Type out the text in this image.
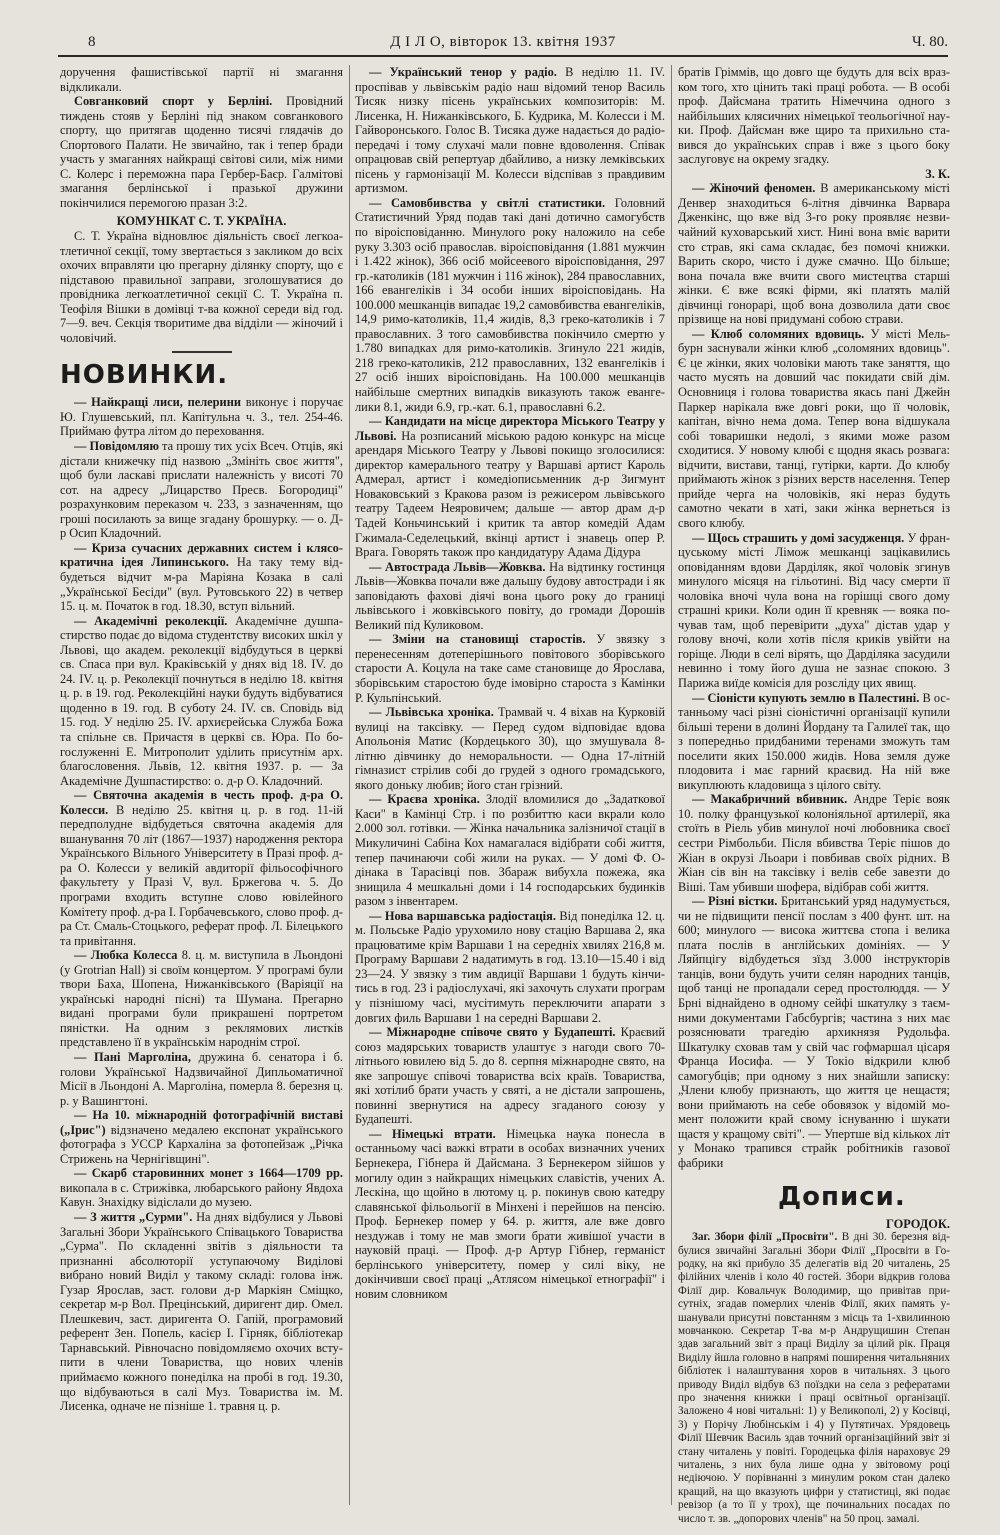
8	Д І Л О, вівторок 13. квітня 1937	Ч. 80.

доручення фашистівської партії ні змагання відкликали.

Совганковий спорт у Берліні. Провідний тиждень стояв у Берліні під знаком совганкового спорту, що притягав щоденно тисячі глядачів до Спортового Палати. Не звичайно, так і тепер бради участь у змаганнях найкращі світові сили, між ними С. Колерс і переможна пара Гербер-Баєр. Галмітові змагання берлінської і празької дружини покінчилися перемогою празан 3:2.

КОМУНІКАТ С. Т. УКРАЇНА.

С. Т. Україна відновлює діяльність своєї легкоатлетичної секції, тому звертається з закликом до всіх охочих вправляти цю прегарну ділянку спорту, що є підставою правильної заправи, зголошуватися до провідника легкоатлетичної секції С. Т. Україна п. Теофіля Вішки в домівці т-ва кожної середи від год. 7—9. веч. Секція творитиме два відділи — жіночий і чоловічий.

НОВИНКИ.

— Найкращі лиси, пелерини виконує і поручає Ю. Глушевський, пл. Капітульна ч. 3., тел. 254-46. Приймаю футра літом до переховання.

— Повідомляю та прошу тих усіх Всеч. Отців, які дістали книжечку під назвою „Змініть своє життя", щоб були ласкаві прислати належність у висоті 70 сот. на адресу „Лицарство Пресв. Богородиці" розрахунковим переказом ч. 233, з зазначенням, що гроші посилають за вище згадану брошурку. — о. Д-р Осип Кладочний.

— Криза сучасних державних систем і клясократична ідея Липинського. На таку тему відбудеться відчит м-ра Маріяна Козака в салі „Української Бесіди" (вул. Рутовського 22) в четвер 15. ц. м. Початок в год. 18.30, вступ вільний.

— Академічні реколекції. Академічне душпастирство подає до відома студентству високих шкіл у Львові, що академ. реколекції відбудуться в церкві св. Спаса при вул. Краківській у днях від 18. IV. до 24. IV. ц. р. Реколекції почнуться в неділю 18. квітня ц. р. в 19. год. Реколекційні науки будуть відбуватися щоденно в 19. год. В суботу 24. IV. св. Сповідь від 15. год. У неділю 25. IV. архиєрейська Служба Божа та спільне св. Причастя в церкві св. Юра. По богослуженні Е. Митрополит уділить присутнім арх. благословення. Львів, 12. квітня 1937. р. — За Академічне Душпастирство: о. д-р О. Кладочний.

— Святочна академія в честь проф. д-ра О. Колесси. В неділю 25. квітня ц. р. в год. 11-ій передполудне відбудеться святочна академія для вшанування 70 літ (1867—1937) народження ректора Українського Вільного Університету в Празі проф. д-ра О. Колесси у великій авдиторії фільософічного факультету у Празі V, вул. Бржегова ч. 5. До програми входить вступне слово ювілейного Комітету проф. д-ра І. Горбачевського, слово проф. д-ра Ст. Смаль-Стоцького, реферат проф. Л. Білецького та привітання.

— Любка Колесса 8. ц. м. виступила в Льондоні (у Grotrian Hall) зі своїм концертом. У програмі були твори Баха, Шопена, Нижанківського (Варіяції на українські народні пісні) та Шумана. Прегарно видані програми були прикрашені портретом пяністки. На одним з реклямових листків представлено її в українськім народнім строї.

— Пані Марголіна, дружина б. сенатора і б. голови Української Надзвичайної Дипльоматичної Місії в Льондоні А. Марголіна, померла 8. березня ц. р. у Вашингтоні.

— На 10. міжнародній фотографічній виставі („Ірис") відзначено медалею експонат українського фотографа з УССР Кархаліна за фотопейзаж „Річка Стрижень на Чернігівщині".

— Скарб старовинних монет з 1664—1709 рр. викопала в с. Стрижівка, любарського району Явдоха Кавун. Знахідку відіслали до музею.

— З життя „Сурми". На днях відбулися у Львові Загальні Збори Українського Співацького Товариства „Сурма". По складенні звітів з діяльности та признанні абсолюторії уступаючому Виділові вибрано новий Виділ у такому складі: голова інж. Гузар Ярослав, заст. голови д-р Маркіян Сміщко, секретар м-р Вол. Прецінський, диригент дир. Омел. Плешкевич, заст. диригента О. Гапій, програмовий референт Зен. Попель, касієр І. Гірняк, бібліотекар Тарнавський. Рівночасно повідомляємо охочих вступити в члени Товариства, що нових членів приймаємо кожного понеділка на пробі в год. 19.30, що відбуваються в салі Муз. Товариства ім. М. Лисенка, одначе не пізніше 1. травня ц. р.

— Український тенор у радіо. В неділю 11. IV. проспівав у львівськім радіо наш відомий тенор Василь Тисяк низку пісень українських композиторів: М. Лисенка, Н. Нижанківського, Б. Кудрика, М. Колесси і М. Гайворонського. Голос В. Тисяка дуже надається до радіопередачі і тому слухачі мали повне вдоволення. Співак опрацював свій репертуар дбайливо, а низку лемківських пісень у гармонізації М. Колесси відспівав з правдивим артизмом.

— Самовбивства у світлі статистики. Головний Статистичний Уряд подав такі дані дотично самогубств по віроісповіданню. Минулого року наложило на себе руку 3.303 осіб православ. віроісповідання (1.881 мужчин і 1.422 жінок), 366 осіб мойсеевого віроісповідання, 297 гр.-католиків (181 мужчин і 116 жінок), 284 православних, 166 евангеліків і 34 особи інших віроісповідань. На 100.000 мешканців випадає 19,2 самовбивства евангеліків, 14,9 римо-католиків, 11,4 жидів, 8,3 греко-католиків і 7 православних. З того самовбивства покінчило смертю у 1.780 випадках для римо-католиків. Згинуло 221 жидів, 218 греко-католиків, 212 православних, 132 евангеліків і 27 осіб інших віроісповідань. На 100.000 мешканців найбільше смертних випадків виказують також евангелики 8.1, жиди 6.9, гр.-кат. 6.1, православні 6.2.

— Кандидати на місце директора Міського Театру у Львові. На розписаний міською радою конкурс на місце арендаря Міського Театру у Львові покищо зголосилися: директор камерального театру у Варшаві артист Кароль Адмерал, артист і комедіописьменник д-р Зигмунт Новаковський з Кракова разом із режисером львівського театру Тадеем Неяровичем; дальше — автор драм д-р Тадей Коньчинський і критик та автор комедій Адам Гжимала-Седелецький, вкінці артист і знавець опер Р. Врага. Говорять також про кандидатуру Адама Дідура

— Автострада Львів—Жовква. На відтинку гостинця Львів—Жовква почали вже дальшу будову автостради і як заповідають фахові діячі вона цього року до границі львівського і жовківського повіту, до громади Дорошів Великий під Куликовом.

— Зміни на становищі старостів. У звязку з перенесенням дотеперішнього повітового зборівського старости А. Коцула на таке саме становище до Ярослава, зборівським старостою буде імовірно староста з Камінки Р. Кульпінський.

— Львівська хроніка. Трамвай ч. 4 віхав на Курковій вулиці на таксівку. — Перед судом відповідає вдова Апольонія Матис (Кордецького 30), що змушувала 8-літню дівчинку до неморальности. — Одна 17-літній гімназист стрілив собі до грудей з одного громадського, якого доньку любив; його стан грізний.

— Краєва хроніка. Злодії вломилися до „Задаткової Каси" в Камінці Стр. і по розбиттю каси вкрали коло 2.000 зол. готівки. — Жінка начальника залізничої стації в Микуличині Сабіна Кох намагалася відібрати собі життя, тепер пачинаючи собі жили на руках. — У домі Ф. Одінака в Тарасівці пов. Збараж вибухла пожежа, яка знищила 4 мешкальні доми і 14 господарських будинків разом з інвентарем.

— Нова варшавська радіостація. Від понеділка 12. ц. м. Польське Радіо урухомило нову стацію Варшава 2, яка працюватиме крім Варшави 1 на середніх хвилях 216,8 м. Програму Варшави 2 надатимуть в год. 13.10—15.40 і від 23—24. У звязку з тим авдиції Варшави 1 будуть кінчитись в год. 23 і радіослухачі, які захочуть слухати програм у пізнішому часі, мусітимуть переключити апарати з довгих филь Варшави 1 на середні Варшави 2.

— Міжнародне співоче свято у Будапешті. Краєвий союз мадярських товариств улаштує з нагоди свого 70-літнього ювилею від 5. до 8. серпня міжнародне свято, на яке запрошує співочі товариства всіх країв. Товариства, які хотілиб брати участь у святі, а не дістали запрошень, повинні звернутися на адресу згаданого союзу у Будапешті.

— Німецькі втрати. Німецька наука понесла в останньому часі важкі втрати в особах визначних учених Бернекера, Гібнера й Дайсмана. З Бернекером зійшов у могилу один з найкращих німецьких славістів, учених А. Лескіна, що щойно в лютому ц. р. покинув свою катедру славянської фільольогії в Мінхені і перейшов на пенсію. Проф. Бернекер помер у 64. р. життя, але вже довго нездужав і тому не мав змоги брати живішої участи в науковій праці. — Проф. д-р Артур Гібнер, германіст берлінського університету, помер у силі віку, не докінчивши своєї праці „Атлясом німецької етнографії" і новим словником

братів Гріммів, що довго ще будуть для всіх вразком того, хто цінить такі праці робота. — В особі проф. Дайсмана тратить Німеччина одного з найбільших клясичних німецької теольогічної науки. Проф. Дайсман вже щиро та прихильно ставився до українських справ і вже з цього боку заслуговує на окрему згадку.

З. К.

— Жіночий феномен. В американському місті Денвер знаходиться 6-літня дівчинка Варвара Дженкінс, що вже від 3-го року проявляє незвичайний куховарський хист. Нині вона вміє варити сто страв, які сама складає, без помочі книжки. Варить скоро, чисто і дуже смачно. Що більше; вона почала вже вчити свого мистецтва старші жінки. Є вже всякі фірми, які платять малій дівчинці гонорарі, щоб вона дозволила дати своє прізвище на нові придумані собою страви.

— Клюб соломяних вдовиць. У місті Мельбурн заснували жінки клюб „соломяних вдовиць". Є це жінки, яких чоловіки мають таке заняття, що часто мусять на довший час покидати свій дім. Основниця і голова товариства якась пані Джейн Паркер нарікала вже довгі роки, що її чоловік, капітан, вічно нема дома. Тепер вона відшукала собі товаришки недолі, з якими може разом сходитися. У новому клюбі є щодня якась розвага: відчити, вистави, танці, гутірки, карти. До клюбу приймають жінок з різних верств населення. Тепер прийде черга на чоловіків, які нераз будуть самотно чекати в хаті, заки жінка вернеться із свого клюбу.

— Щось страшить у домі засудженця. У француському місті Лімож мешканці зацікавились оповіданням вдови Дарділяк, якої чоловік згинув минулого місяця на гільотині. Від часу смерти її чоловіка вночі чула вона на горішці свого дому страшні крики. Коли один її кревняк — вояка почував там, щоб перевірити „духа" дістав удар у голову вночі, коли хотів після криків увійти на горіще. Люди в селі вірять, що Дарділяка засудили невинно і тому його душа не зазнає спокою. З Парижа виїде комісія для розсліду цих явищ.

— Сіоністи купують землю в Палестині. В останньому часі різні сіоністичні організації купили більші терени в долині Йордану та Галилеї так, що з попередньо придбаними теренами зможуть там поселити яких 150.000 жидів. Нова земля дуже плодовита і має гарний краєвид. На ній вже викуплюють кладовища з цілого світу.

— Макабричний вбивник. Андре Теріє вояк 10. полку французької колоніяльної артилерії, яка стоїть в Ріель убив минулої ночі любовника своєї сестри Рімбольби. Після вбивства Теріє пішов до Жіан в окрузі Льоари і повбивав своїх рідних. В Жіан сів він на таксівку і велів себе завезти до Віші. Там убивши шофера, відібрав собі життя.

— Різні вістки. Британський уряд надумується, чи не підвищити пенсії послам з 400 фунт. шт. на 600; минулого — висока життєва стопа і велика плата послів в англійських домініях. — У Ляйпцігу відбудеться зїзд 3.000 інструкторів танців, вони будуть учити селян народних танців, щоб танці не пропадали серед простолюддя. — У Брні віднайдено в одному сейфі шкатулку з таємними документами Габсбургів; частина з них має розяснювати трагедію архикнязя Рудольфа. Шкатулку сховав там у свій час гофмаршал цісаря Франца Иосифа. — У Токіо відкрили клюб самогубців; при одному з них знайшли записку: „Члени клюбу признають, що життя це нещастя; вони приймають на себе обовязок у відомій момент положити край свому існуванню і шукати щастя у кращому світі". — Упертше від кількох літ у Монако трапився страйк робітників газової фабрики

Дописи.

ГОРОДОК.

Заг. Збори філії „Просвіти". В дні 30. березня відбулися звичайні Загальні Збори Філії „Просвіти в Городку, на які прибуло 35 делегатів від 20 читалень, 25 філійних членів і коло 40 гостей. Збори відкрив голова Філії дир. Ковальчук Володимир, що привітав присутніх, згадав померлих членів Філії, яких память ушанували присутні повстанням з місць та 1-хвилинною мовчанкою. Секретар Т-ва м-р Андрущишин Степан здав загальний звіт з праці Виділу за цілий рік. Праця Виділу йшла головно в напрямі поширення читальняних бібліотек і налаштування хоров в читальнях. З цього приводу Виділ відбув 63 поїздки на села з рефератами про значення книжки і праці освітньої організації. Заложено 4 нові читальні: 1) у Великополі, 2) у Косівці, 3) у Порічу Любінськім і 4) у Путятичах. Урядовець Філії Шевчик Василь здав точний організаційний звіт зі стану читалень у повіті. Городецька філія нараховує 29 читалень, з них була лише одна у звітовому році недіючою. У порівнанні з минулим роком стан далеко кращий, на що вказують цифри у статистиці, які подає ревізор (а то її у трох), ще починальних посадах по число т. зв. „допорових членів" на 50 проц. замалі.
